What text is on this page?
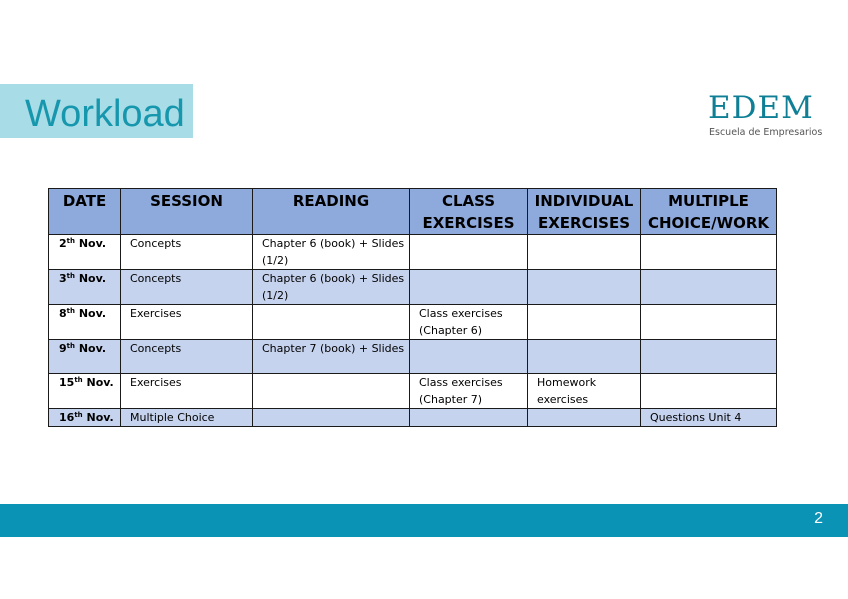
Workload	EDEM
Escuela de Empresarios
DATE	SESSION	READING	CLASS EXERCISES	INDIVIDUAL EXERCISES	MULTIPLE CHOICE/WORK
2th Nov.	Concepts	Chapter 6 (book) + Slides (1/2)			
3th Nov.	Concepts	Chapter 6 (book) + Slides (1/2)			
8th Nov.	Exercises		Class exercises (Chapter 6)		
9th Nov.	Concepts	Chapter 7 (book) + Slides			
15th Nov.	Exercises		Class exercises (Chapter 7)	Homework exercises	
16th Nov.	Multiple Choice				Questions Unit 4
2
